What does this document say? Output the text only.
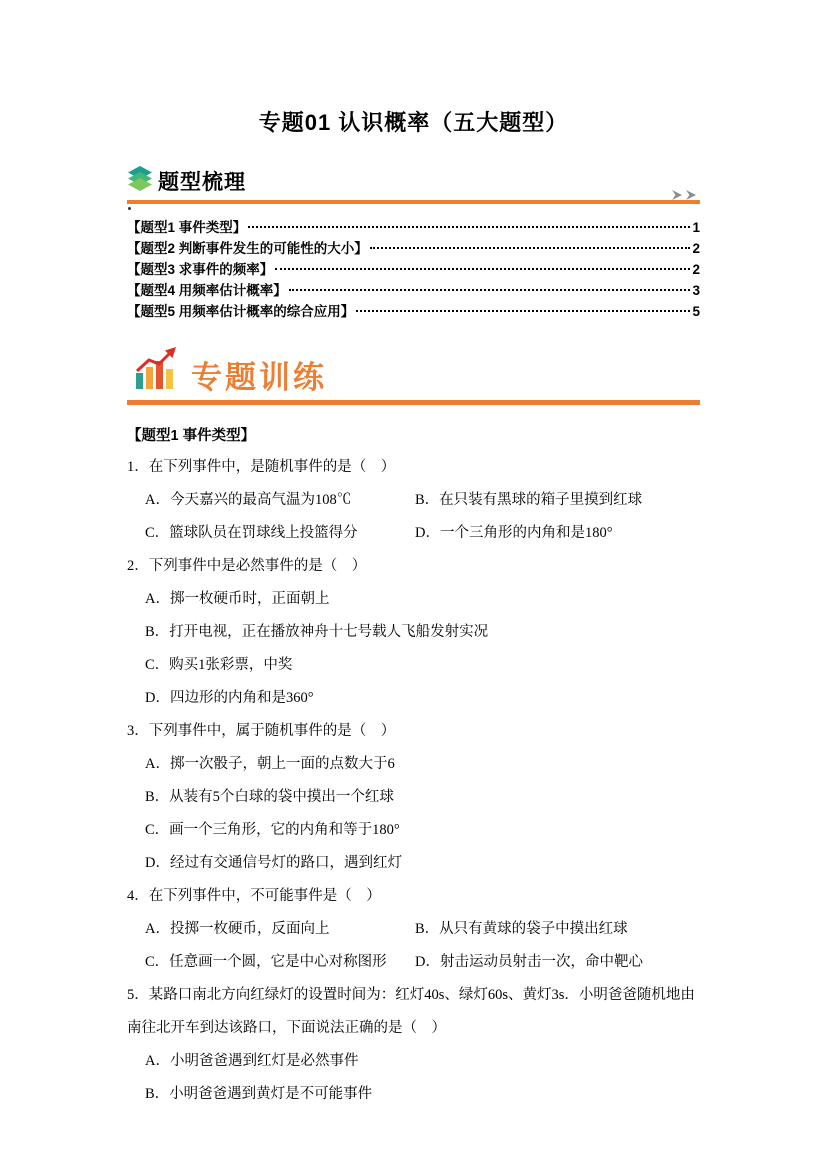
专题01 认识概率（五大题型）
题型梳理
【题型1 事件类型】	1
【题型2 判断事件发生的可能性的大小】	2
【题型3 求事件的频率】	2
【题型4 用频率估计概率】	3
【题型5 用频率估计概率的综合应用】	5
专题训练
【题型1 事件类型】
1．在下列事件中，是随机事件的是（　）
A．今天嘉兴的最高气温为108℃	B．在只装有黑球的箱子里摸到红球
C．篮球队员在罚球线上投篮得分	D．一个三角形的内角和是180°
2．下列事件中是必然事件的是（　）
A．掷一枚硬币时，正面朝上
B．打开电视，正在播放神舟十七号载人飞船发射实况
C．购买1张彩票，中奖
D．四边形的内角和是360°
3．下列事件中，属于随机事件的是（　）
A．掷一次骰子，朝上一面的点数大于6
B．从装有5个白球的袋中摸出一个红球
C．画一个三角形，它的内角和等于180°
D．经过有交通信号灯的路口，遇到红灯
4．在下列事件中，不可能事件是（　）
A．投掷一枚硬币，反面向上	B．从只有黄球的袋子中摸出红球
C．任意画一个圆，它是中心对称图形	D．射击运动员射击一次，命中靶心
5．某路口南北方向红绿灯的设置时间为：红灯40s、绿灯60s、黄灯3s．小明爸爸随机地由南往北开车到达该路口，下面说法正确的是（　）
A．小明爸爸遇到红灯是必然事件
B．小明爸爸遇到黄灯是不可能事件
